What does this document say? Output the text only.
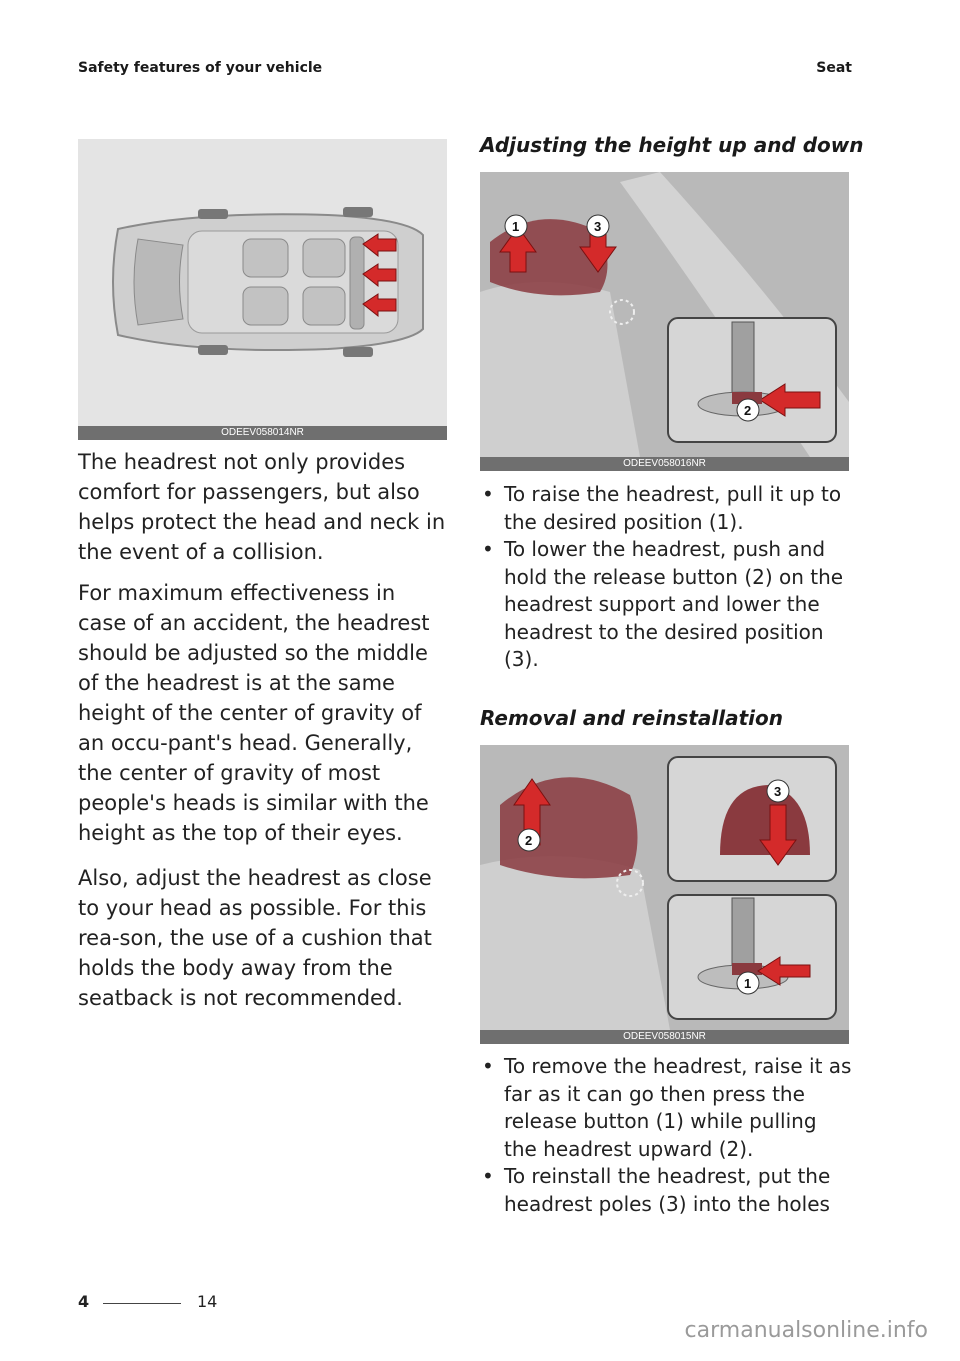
Safety features of your vehicle	Seat
ODEEV058014NR

The headrest not only provides comfort for passengers, but also helps protect the head and neck in the event of a collision.

For maximum effectiveness in case of an accident, the headrest should be adjusted so the middle of the headrest is at the same height of the center of gravity of an occu-pant's head. Generally, the center of gravity of most people's heads is similar with the height as the top of their eyes.

Also, adjust the headrest as close to your head as possible. For this rea-son, the use of a cushion that holds the body away from the seatback is not recommended.

Adjusting the height up and down
1	3
2
ODEEV058016NR
• To raise the headrest, pull it up to the desired position (1).
• To lower the headrest, push and hold the release button (2) on the headrest support and lower the headrest to the desired position (3).
Removal and reinstallation
2
3
1
ODEEV058015NR
• To remove the headrest, raise it as far as it can go then press the release button (1) while pulling the headrest upward (2).
• To reinstall the headrest, put the headrest poles (3) into the holes
4	14
carmanualsonline.info
